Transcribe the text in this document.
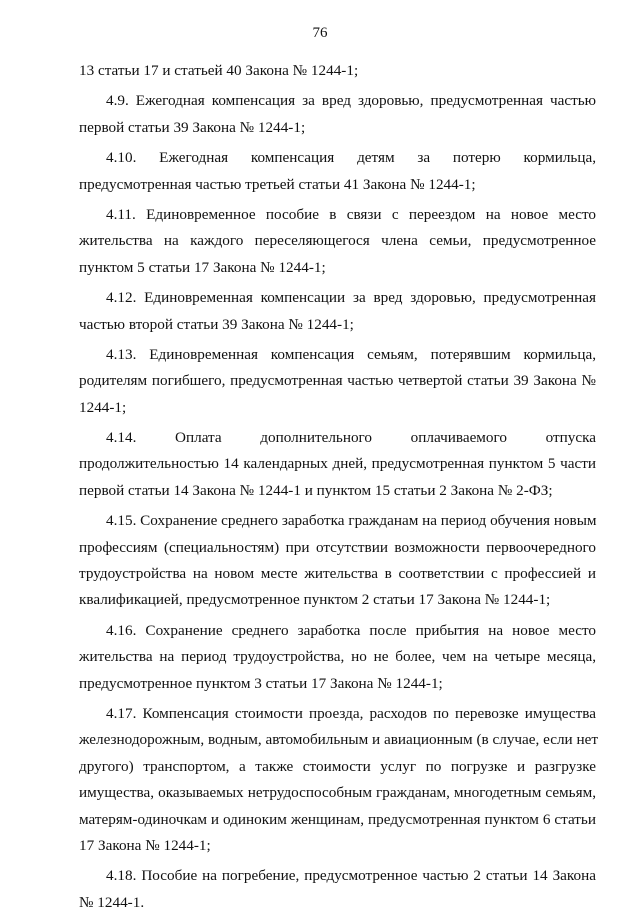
76
13 статьи 17 и статьей 40 Закона № 1244-1;
4.9. Ежегодная компенсация за вред здоровью, предусмотренная частью
первой статьи 39 Закона № 1244-1;
4.10. Ежегодная компенсация детям за потерю кормильца,
предусмотренная частью третьей статьи 41 Закона № 1244-1;
4.11. Единовременное пособие в связи с переездом на новое место
жительства на каждого переселяющегося члена семьи, предусмотренное
пунктом 5 статьи 17 Закона № 1244-1;
4.12. Единовременная компенсации за вред здоровью, предусмотренная
частью второй статьи 39 Закона № 1244-1;
4.13. Единовременная компенсация семьям, потерявшим кормильца,
родителям погибшего, предусмотренная частью четвертой статьи 39 Закона №
1244-1;
4.14. Оплата дополнительного оплачиваемого отпуска
продолжительностью 14 календарных дней, предусмотренная пунктом 5 части
первой статьи 14 Закона № 1244-1 и пунктом 15 статьи 2 Закона № 2-ФЗ;
4.15. Сохранение среднего заработка гражданам на период обучения новым
профессиям (специальностям) при отсутствии возможности первоочередного
трудоустройства на новом месте жительства в соответствии с профессией и
квалификацией, предусмотренное пунктом 2 статьи 17 Закона № 1244-1;
4.16. Сохранение среднего заработка после прибытия на новое место
жительства на период трудоустройства, но не более, чем на четыре месяца,
предусмотренное пунктом 3 статьи 17 Закона № 1244-1;
4.17. Компенсация стоимости проезда, расходов по перевозке имущества
железнодорожным, водным, автомобильным и авиационным (в случае, если нет
другого) транспортом, а также стоимости услуг по погрузке и разгрузке
имущества, оказываемых нетрудоспособным гражданам, многодетным семьям,
матерям-одиночкам и одиноким женщинам, предусмотренная пунктом 6 статьи
17 Закона № 1244-1;
4.18. Пособие на погребение, предусмотренное частью 2 статьи 14 Закона
№ 1244-1.
